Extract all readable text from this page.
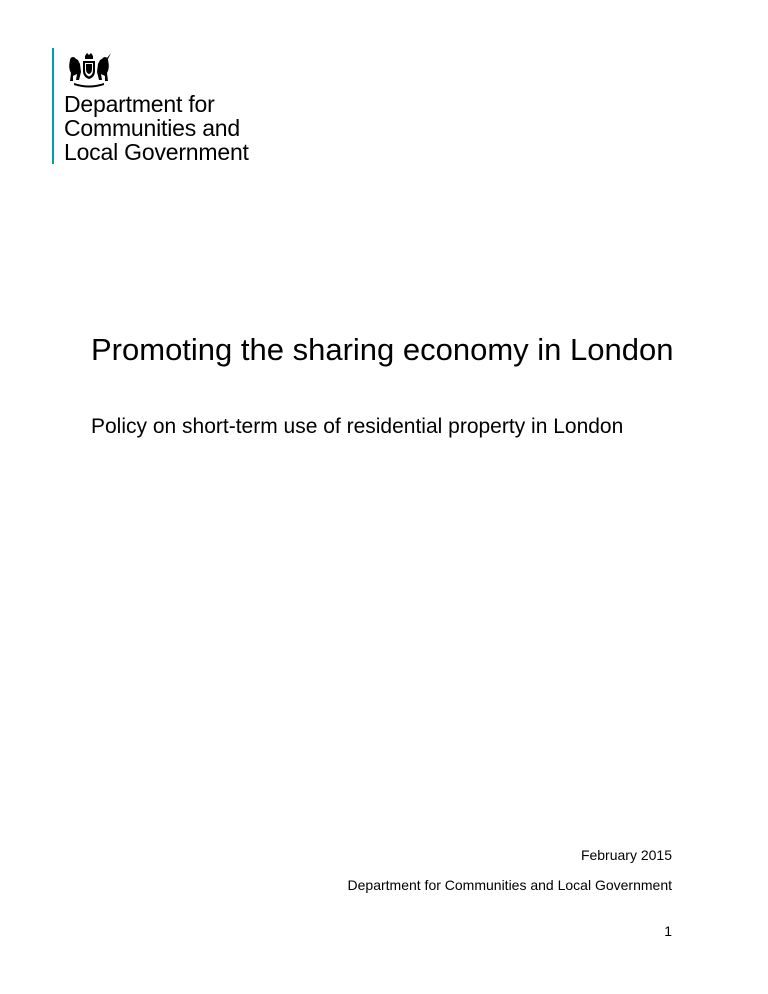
Department for
Communities and
Local Government
Promoting the sharing economy in London

Policy on short-term use of residential property in London

February 2015
Department for Communities and Local Government
1
